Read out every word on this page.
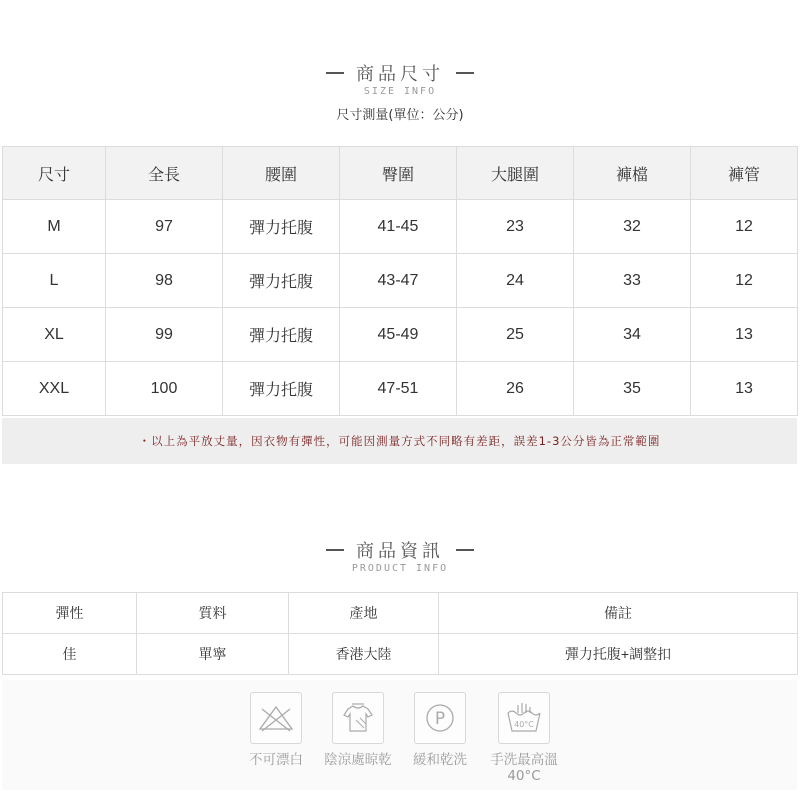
商品尺寸
SIZE INFO
尺寸測量(單位：公分)
尺寸	全長	腰圍	臀圍	大腿圍	褲檔	褲管
M	97	彈力托腹	41-45	23	32	12
L	98	彈力托腹	43-47	24	33	12
XL	99	彈力托腹	45-49	25	34	13
XXL	100	彈力托腹	47-51	26	35	13
・以上為平放丈量，因衣物有彈性，可能因測量方式不同略有差距，誤差1-3公分皆為正常範圍
商品資訊
PRODUCT INFO
彈性	質料	產地	備註
佳	單寧	香港大陸	彈力托腹+調整扣
不可漂白	陰涼處晾乾
P
緩和乾洗
40°C
手洗最高溫
40°C
